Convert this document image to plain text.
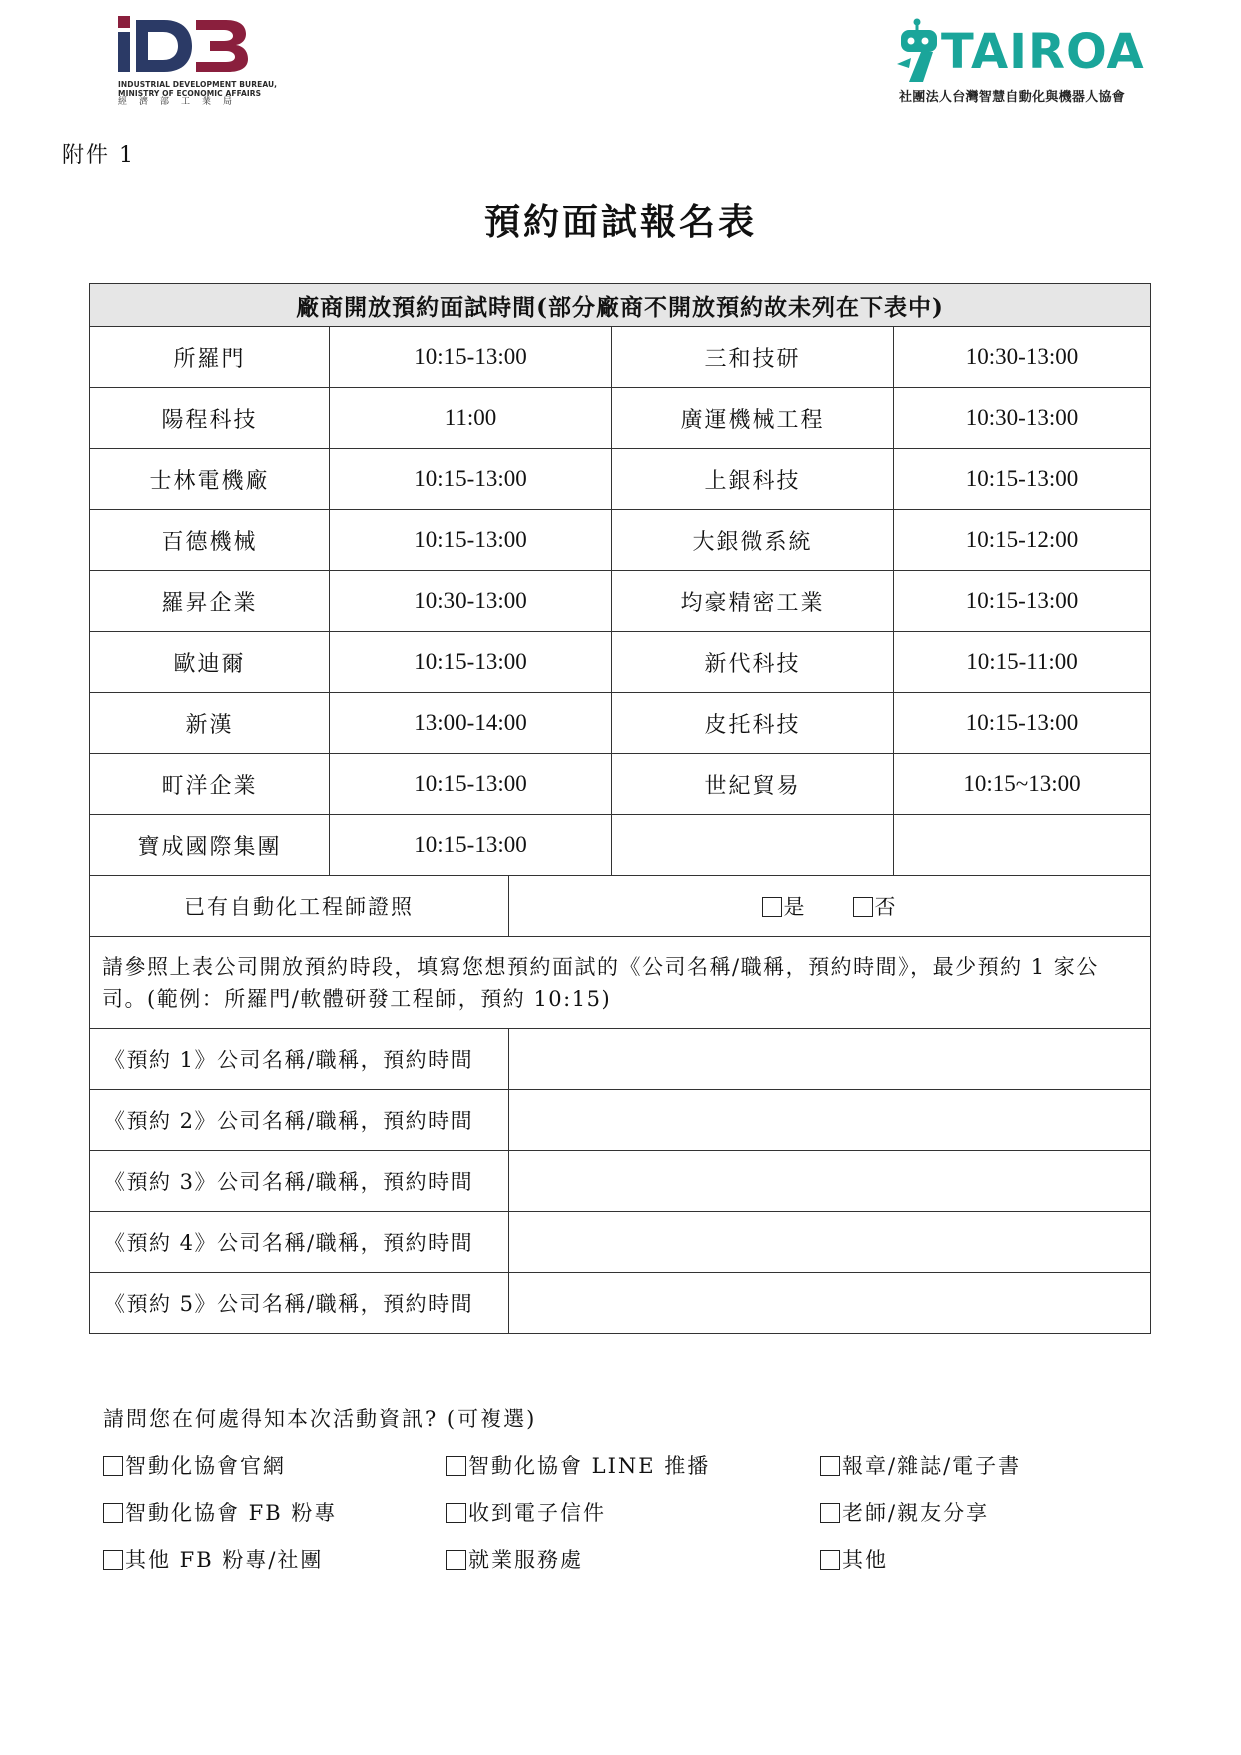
INDUSTRIAL DEVELOPMENT BUREAU,
MINISTRY OF ECONOMIC AFFAIRS
經濟部工業局
TAIROA
社團法人台灣智慧自動化與機器人協會
附件 1
預約面試報名表
廠商開放預約面試時間(部分廠商不開放預約故未列在下表中)			
所羅門	10:15-13:00	三和技研	10:30-13:00
陽程科技	11:00	廣運機械工程	10:30-13:00
士林電機廠	10:15-13:00	上銀科技	10:15-13:00
百德機械	10:15-13:00	大銀微系統	10:15-12:00
羅昇企業	10:30-13:00	均豪精密工業	10:15-13:00
歐迪爾	10:15-13:00	新代科技	10:15-11:00
新漢	13:00-14:00	皮托科技	10:15-13:00
町洋企業	10:15-13:00	世紀貿易	10:15~13:00
寶成國際集團	10:15-13:00		
已有自動化工程師證照	是 否
請參照上表公司開放預約時段，填寫您想預約面試的《公司名稱/職稱，預約時間》，最少預約 1 家公司。(範例：所羅門/軟體研發工程師，預約 10:15)	
《預約 1》公司名稱/職稱，預約時間	
《預約 2》公司名稱/職稱，預約時間	
《預約 3》公司名稱/職稱，預約時間	
《預約 4》公司名稱/職稱，預約時間	
《預約 5》公司名稱/職稱，預約時間	
請問您在何處得知本次活動資訊? (可複選)
智動化協會官網	智動化協會 LINE 推播	報章/雜誌/電子書
智動化協會 FB 粉專	收到電子信件	老師/親友分享
其他 FB 粉專/社團	就業服務處	其他
